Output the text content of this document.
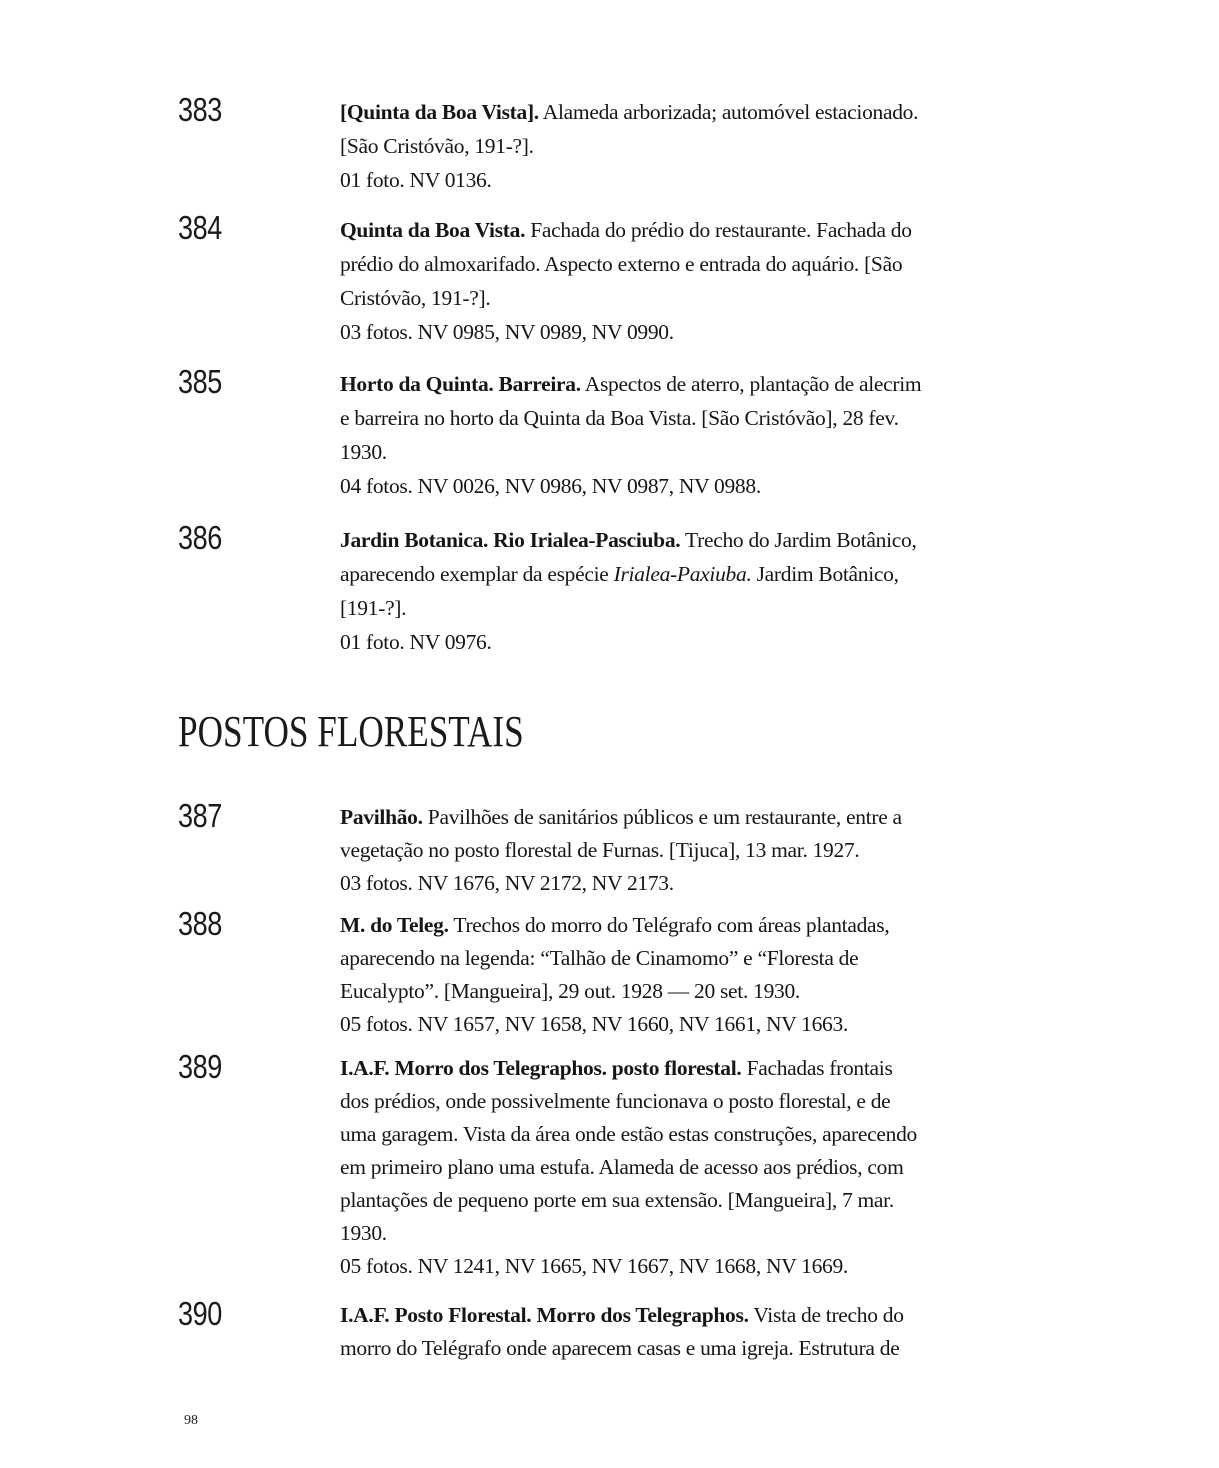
383	[Quinta da Boa Vista]. Alameda arborizada; automóvel estacionado.
[São Cristóvão, 191-?].
01 foto. NV 0136.
384	Quinta da Boa Vista. Fachada do prédio do restaurante. Fachada do
prédio do almoxarifado. Aspecto externo e entrada do aquário. [São
Cristóvão, 191-?].
03 fotos. NV 0985, NV 0989, NV 0990.
385	Horto da Quinta. Barreira. Aspectos de aterro, plantação de alecrim
e barreira no horto da Quinta da Boa Vista. [São Cristóvão], 28 fev.
1930.
04 fotos. NV 0026, NV 0986, NV 0987, NV 0988.
386	Jardin Botanica. Rio Irialea-Pasciuba. Trecho do Jardim Botânico,
aparecendo exemplar da espécie Irialea-Paxiuba. Jardim Botânico,
[191-?].
01 foto. NV 0976.
POSTOS FLORESTAIS
387	Pavilhão. Pavilhões de sanitários públicos e um restaurante, entre a
vegetação no posto florestal de Furnas. [Tijuca], 13 mar. 1927.
03 fotos. NV 1676, NV 2172, NV 2173.
388	M. do Teleg. Trechos do morro do Telégrafo com áreas plantadas,
aparecendo na legenda: “Talhão de Cinamomo” e “Floresta de
Eucalypto”. [Mangueira], 29 out. 1928 — 20 set. 1930.
05 fotos. NV 1657, NV 1658, NV 1660, NV 1661, NV 1663.
389	I.A.F. Morro dos Telegraphos. posto florestal. Fachadas frontais
dos prédios, onde possivelmente funcionava o posto florestal, e de
uma garagem. Vista da área onde estão estas construções, aparecendo
em primeiro plano uma estufa. Alameda de acesso aos prédios, com
plantações de pequeno porte em sua extensão. [Mangueira], 7 mar.
1930.
05 fotos. NV 1241, NV 1665, NV 1667, NV 1668, NV 1669.
390	I.A.F. Posto Florestal. Morro dos Telegraphos. Vista de trecho do
morro do Telégrafo onde aparecem casas e uma igreja. Estrutura de
98
